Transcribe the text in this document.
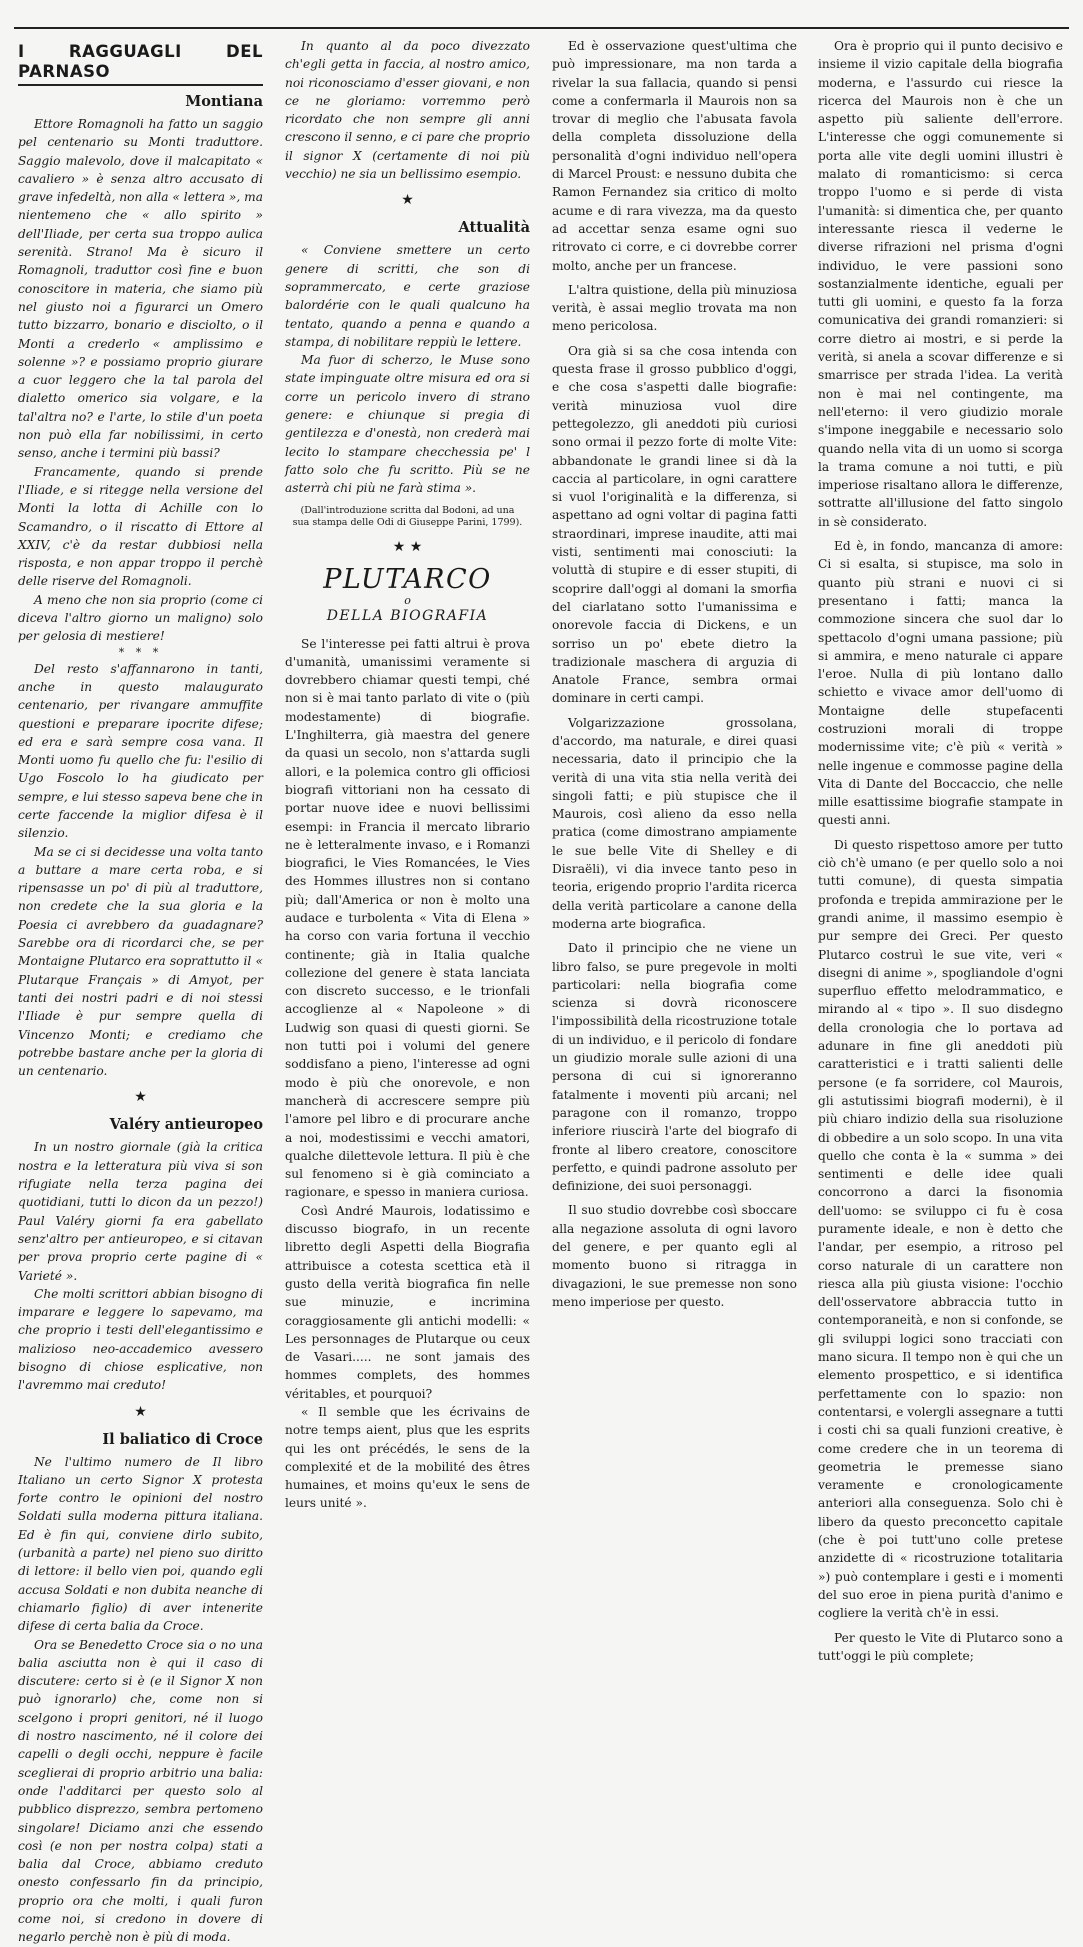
I RAGGUAGLI DEL PARNASO
Montiana

Ettore Romagnoli ha fatto un saggio pel centenario su Monti traduttore. Saggio malevolo, dove il malcapitato « cavaliero » è senza altro accusato di grave infedeltà, non alla « lettera », ma nientemeno che « allo spirito » dell'Iliade, per certa sua troppo aulica serenità. Strano! Ma è sicuro il Romagnoli, traduttor così fine e buon conoscitore in materia, che siamo più nel giusto noi a figurarci un Omero tutto bizzarro, bonario e disciolto, o il Monti a crederlo « amplissimo e solenne »? e possiamo proprio giurare a cuor leggero che la tal parola del dialetto omerico sia volgare, e la tal'altra no? e l'arte, lo stile d'un poeta non può ella far nobilissimi, in certo senso, anche i termini più bassi?

Francamente, quando si prende l'Iliade, e si ritegge nella versione del Monti la lotta di Achille con lo Scamandro, o il riscatto di Ettore al XXIV, c'è da restar dubbiosi nella risposta, e non appar troppo il perchè delle riserve del Romagnoli.

A meno che non sia proprio (come ci diceva l'altro giorno un maligno) solo per gelosia di mestiere!

* * *

Del resto s'affannarono in tanti, anche in questo malaugurato centenario, per rivangare ammuffite questioni e preparare ipocrite difese; ed era e sarà sempre cosa vana. Il Monti uomo fu quello che fu: l'esilio di Ugo Foscolo lo ha giudicato per sempre, e lui stesso sapeva bene che in certe faccende la miglior difesa è il silenzio.

Ma se ci si decidesse una volta tanto a buttare a mare certa roba, e si ripensasse un po' di più al traduttore, non credete che la sua gloria e la Poesia ci avrebbero da guadagnare? Sarebbe ora di ricordarci che, se per Montaigne Plutarco era soprattutto il « Plutarque Français » di Amyot, per tanti dei nostri padri e di noi stessi l'Iliade è pur sempre quella di Vincenzo Monti; e crediamo che potrebbe bastare anche per la gloria di un centenario.

★
Valéry antieuropeo

In un nostro giornale (già la critica nostra e la letteratura più viva si son rifugiate nella terza pagina dei quotidiani, tutti lo dicon da un pezzo!) Paul Valéry giorni fa era gabellato senz'altro per antieuropeo, e si citavan per prova proprio certe pagine di « Varieté ».

Che molti scrittori abbian bisogno di imparare e leggere lo sapevamo, ma che proprio i testi dell'elegantissimo e malizioso neo-accademico avessero bisogno di chiose esplicative, non l'avremmo mai creduto!

★
Il baliatico di Croce

Ne l'ultimo numero de Il libro Italiano un certo Signor X protesta forte contro le opinioni del nostro Soldati sulla moderna pittura italiana. Ed è fin qui, conviene dirlo subito, (urbanità a parte) nel pieno suo diritto di lettore: il bello vien poi, quando egli accusa Soldati e non dubita neanche di chiamarlo figlio) di aver intenerite difese di certa balia da Croce.

Ora se Benedetto Croce sia o no una balia asciutta non è qui il caso di discutere: certo si è (e il Signor X non può ignorarlo) che, come non si scelgono i propri genitori, né il luogo di nostro nascimento, né il colore dei capelli o degli occhi, neppure è facile sceglierai di proprio arbitrio una balia: onde l'additarci per questo solo al pubblico disprezzo, sembra pertomeno singolare! Diciamo anzi che essendo così (e non per nostra colpa) stati a balia dal Croce, abbiamo creduto onesto confessarlo fin da principio, proprio ora che molti, i quali furon come noi, si credono in dovere di negarlo perchè non è più di moda.

In quanto al da poco divezzato ch'egli getta in faccia, al nostro amico, noi riconosciamo d'esser giovani, e non ce ne gloriamo: vorremmo però ricordato che non sempre gli anni crescono il senno, e ci pare che proprio il signor X (certamente di noi più vecchio) ne sia un bellissimo esempio.

★
Attualità

« Conviene smettere un certo genere di scritti, che son di soprammercato, e certe graziose balordérie con le quali qualcuno ha tentato, quando a penna e quando a stampa, di nobilitare reppiù le lettere.

Ma fuor di scherzo, le Muse sono state impinguate oltre misura ed ora si corre un pericolo invero di strano genere: e chiunque si pregia di gentilezza e d'onestà, non crederà mai lecito lo stampare checchessia pe' l fatto solo che fu scritto. Più se ne asterrà chi più ne farà stima ».

(Dall'introduzione scritta dal Bodoni, ad una sua stampa delle Odi di Giuseppe Parini, 1799).
★ ★
PLUTARCO
o
DELLA BIOGRAFIA

Se l'interesse pei fatti altrui è prova d'umanità, umanissimi veramente si dovrebbero chiamar questi tempi, ché non si è mai tanto parlato di vite o (più modestamente) di biografie. L'Inghilterra, già maestra del genere da quasi un secolo, non s'attarda sugli allori, e la polemica contro gli officiosi biografi vittoriani non ha cessato di portar nuove idee e nuovi bellissimi esempi: in Francia il mercato librario ne è letteralmente invaso, e i Romanzi biografici, le Vies Romancées, le Vies des Hommes illustres non si contano più; dall'America or non è molto una audace e turbolenta « Vita di Elena » ha corso con varia fortuna il vecchio continente; già in Italia qualche collezione del genere è stata lanciata con discreto successo, e le trionfali accoglienze al « Napoleone » di Ludwig son quasi di questi giorni. Se non tutti poi i volumi del genere soddisfano a pieno, l'interesse ad ogni modo è più che onorevole, e non mancherà di accrescere sempre più l'amore pel libro e di procurare anche a noi, modestissimi e vecchi amatori, qualche dilettevole lettura. Il più è che sul fenomeno si è già cominciato a ragionare, e spesso in maniera curiosa.

Così André Maurois, lodatissimo e discusso biografo, in un recente libretto degli Aspetti della Biografia attribuisce a cotesta scettica età il gusto della verità biografica fin nelle sue minuzie, e incrimina coraggiosamente gli antichi modelli: « Les personnages de Plutarque ou ceux de Vasari..... ne sont jamais des hommes complets, des hommes véritables, et pourquoi?

« Il semble que les écrivains de notre temps aient, plus que les esprits qui les ont précédés, le sens de la complexité et de la mobilité des êtres humaines, et moins qu'eux le sens de leurs unité ».

Ed è osservazione quest'ultima che può impressionare, ma non tarda a rivelar la sua fallacia, quando si pensi come a confermarla il Maurois non sa trovar di meglio che l'abusata favola della completa dissoluzione della personalità d'ogni individuo nell'opera di Marcel Proust: e nessuno dubita che Ramon Fernandez sia critico di molto acume e di rara vivezza, ma da questo ad accettar senza esame ogni suo ritrovato ci corre, e ci dovrebbe correr molto, anche per un francese.

L'altra quistione, della più minuziosa verità, è assai meglio trovata ma non meno pericolosa.

Ora già si sa che cosa intenda con questa frase il grosso pubblico d'oggi, e che cosa s'aspetti dalle biografie: verità minuziosa vuol dire pettegolezzo, gli aneddoti più curiosi sono ormai il pezzo forte di molte Vite: abbandonate le grandi linee si dà la caccia al particolare, in ogni carattere si vuol l'originalità e la differenza, si aspettano ad ogni voltar di pagina fatti straordinari, imprese inaudite, atti mai visti, sentimenti mai conosciuti: la voluttà di stupire e di esser stupiti, di scoprire dall'oggi al domani la smorfia del ciarlatano sotto l'umanissima e onorevole faccia di Dickens, e un sorriso un po' ebete dietro la tradizionale maschera di arguzia di Anatole France, sembra ormai dominare in certi campi.

Volgarizzazione grossolana, d'accordo, ma naturale, e direi quasi necessaria, dato il principio che la verità di una vita stia nella verità dei singoli fatti; e più stupisce che il Maurois, così alieno da esso nella pratica (come dimostrano ampiamente le sue belle Vite di Shelley e di Disraëli), vi dia invece tanto peso in teoria, erigendo proprio l'ardita ricerca della verità particolare a canone della moderna arte biografica.

Dato il principio che ne viene un libro falso, se pure pregevole in molti particolari: nella biografia come scienza si dovrà riconoscere l'impossibilità della ricostruzione totale di un individuo, e il pericolo di fondare un giudizio morale sulle azioni di una persona di cui si ignoreranno fatalmente i moventi più arcani; nel paragone con il romanzo, troppo inferiore riuscirà l'arte del biografo di fronte al libero creatore, conoscitore perfetto, e quindi padrone assoluto per definizione, dei suoi personaggi.

Il suo studio dovrebbe così sboccare alla negazione assoluta di ogni lavoro del genere, e per quanto egli al momento buono si ritragga in divagazioni, le sue premesse non sono meno imperiose per questo.

Ora è proprio qui il punto decisivo e insieme il vizio capitale della biografia moderna, e l'assurdo cui riesce la ricerca del Maurois non è che un aspetto più saliente dell'errore. L'interesse che oggi comunemente si porta alle vite degli uomini illustri è malato di romanticismo: si cerca troppo l'uomo e si perde di vista l'umanità: si dimentica che, per quanto interessante riesca il vederne le diverse rifrazioni nel prisma d'ogni individuo, le vere passioni sono sostanzialmente identiche, eguali per tutti gli uomini, e questo fa la forza comunicativa dei grandi romanzieri: si corre dietro ai mostri, e si perde la verità, si anela a scovar differenze e si smarrisce per strada l'idea. La verità non è mai nel contingente, ma nell'eterno: il vero giudizio morale s'impone ineggabile e necessario solo quando nella vita di un uomo si scorga la trama comune a noi tutti, e più imperiose risaltano allora le differenze, sottratte all'illusione del fatto singolo in sè considerato.

Ed è, in fondo, mancanza di amore: Ci si esalta, si stupisce, ma solo in quanto più strani e nuovi ci si presentano i fatti; manca la commozione sincera che suol dar lo spettacolo d'ogni umana passione; più si ammira, e meno naturale ci appare l'eroe. Nulla di più lontano dallo schietto e vivace amor dell'uomo di Montaigne delle stupefacenti costruzioni morali di troppe modernissime vite; c'è più « verità » nelle ingenue e commosse pagine della Vita di Dante del Boccaccio, che nelle mille esattissime biografie stampate in questi anni.

Di questo rispettoso amore per tutto ciò ch'è umano (e per quello solo a noi tutti comune), di questa simpatia profonda e trepida ammirazione per le grandi anime, il massimo esempio è pur sempre dei Greci. Per questo Plutarco costruì le sue vite, veri « disegni di anime », spogliandole d'ogni superfluo effetto melodrammatico, e mirando al « tipo ». Il suo disdegno della cronologia che lo portava ad adunare in fine gli aneddoti più caratteristici e i tratti salienti delle persone (e fa sorridere, col Maurois, gli astutissimi biografi moderni), è il più chiaro indizio della sua risoluzione di obbedire a un solo scopo. In una vita quello che conta è la « summa » dei sentimenti e delle idee quali concorrono a darci la fisonomia dell'uomo: se sviluppo ci fu è cosa puramente ideale, e non è detto che l'andar, per esempio, a ritroso pel corso naturale di un carattere non riesca alla più giusta visione: l'occhio dell'osservatore abbraccia tutto in contemporaneità, e non si confonde, se gli sviluppi logici sono tracciati con mano sicura. Il tempo non è qui che un elemento prospettico, e si identifica perfettamente con lo spazio: non contentarsi, e volergli assegnare a tutti i costi chi sa quali funzioni creative, è come credere che in un teorema di geometria le premesse siano veramente e cronologicamente anteriori alla conseguenza. Solo chi è libero da questo preconcetto capitale (che è poi tutt'uno colle pretese anzidette di « ricostruzione totalitaria ») può contemplare i gesti e i momenti del suo eroe in piena purità d'animo e cogliere la verità ch'è in essi.

Per questo le Vite di Plutarco sono a tutt'oggi le più complete;
